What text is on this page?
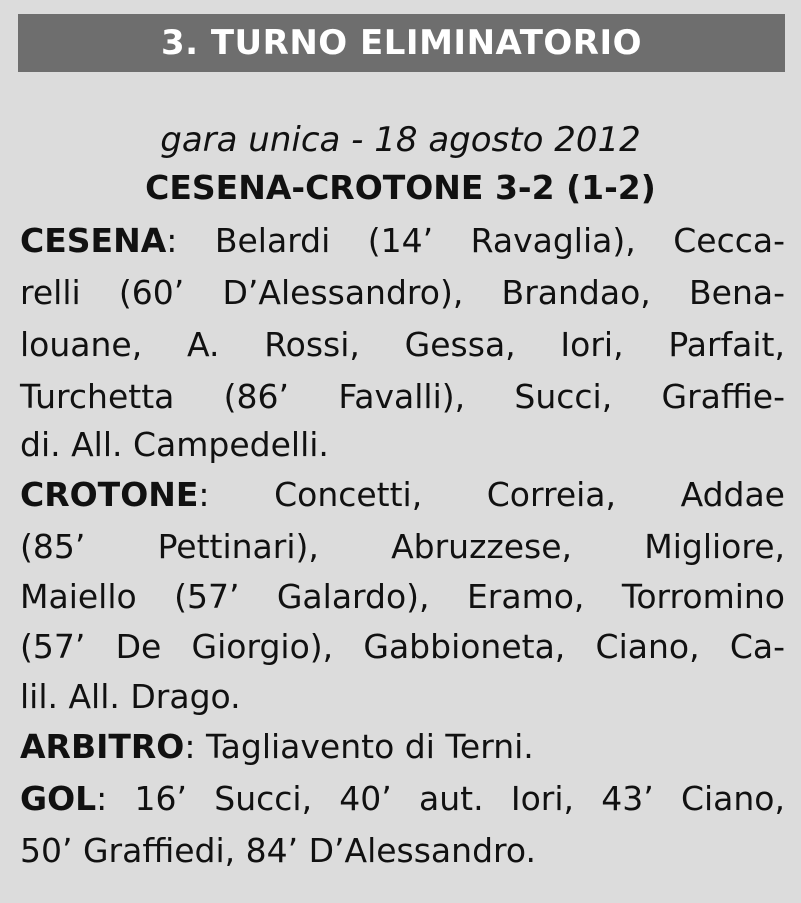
3. TURNO ELIMINATORIO
gara unica - 18 agosto 2012
CESENA-CROTONE 3-2 (1-2)
CESENA: Belardi (14’ Ravaglia), Cecca-
relli (60’ D’Alessandro), Brandao, Bena-
louane, A. Rossi, Gessa, Iori, Parfait,
Turchetta (86’ Favalli), Succi, Graffie-
di. All. Campedelli.
CROTONE: Concetti, Correia, Addae
(85’ Pettinari), Abruzzese, Migliore,
Maiello (57’ Galardo), Eramo, Torromino
(57’ De Giorgio), Gabbioneta, Ciano, Ca-
lil. All. Drago.
ARBITRO: Tagliavento di Terni.
GOL: 16’ Succi, 40’ aut. Iori, 43’ Ciano,
50’ Graffiedi, 84’ D’Alessandro.
